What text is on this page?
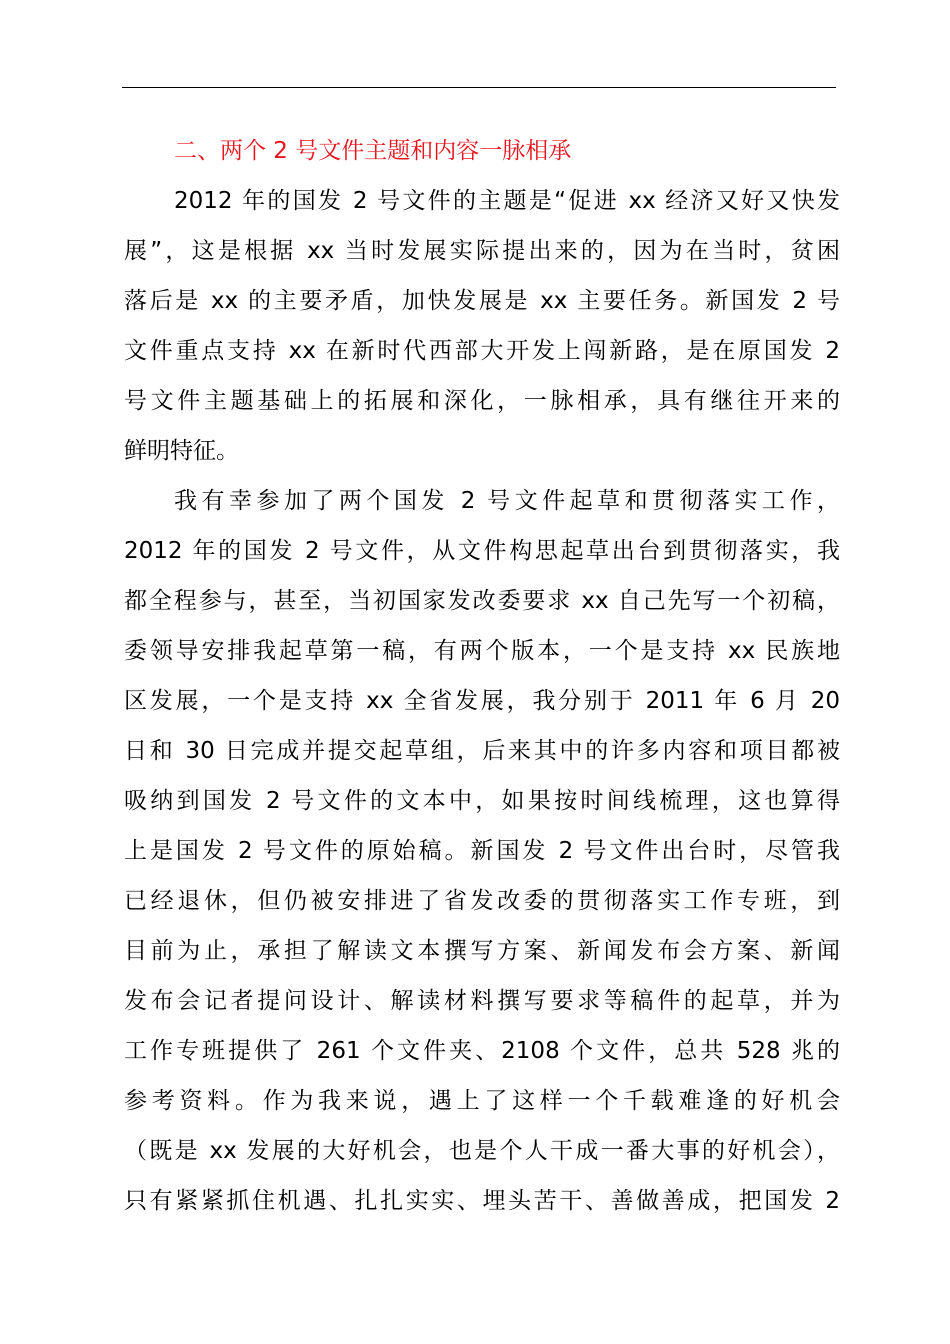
二、两个 2 号文件主题和内容一脉相承
2012 年的国发 2 号文件的主题是“促进 xx 经济又好又快发
展”，这是根据 xx 当时发展实际提出来的，因为在当时，贫困
落后是 xx 的主要矛盾，加快发展是 xx 主要任务。新国发 2 号
文件重点支持 xx 在新时代西部大开发上闯新路，是在原国发 2
号文件主题基础上的拓展和深化，一脉相承，具有继往开来的
鲜明特征。
我有幸参加了两个国发 2 号文件起草和贯彻落实工作，
2012 年的国发 2 号文件，从文件构思起草出台到贯彻落实，我
都全程参与，甚至，当初国家发改委要求 xx 自己先写一个初稿，
委领导安排我起草第一稿，有两个版本，一个是支持 xx 民族地
区发展，一个是支持 xx 全省发展，我分别于 2011 年 6 月 20
日和 30 日完成并提交起草组，后来其中的许多内容和项目都被
吸纳到国发 2 号文件的文本中，如果按时间线梳理，这也算得
上是国发 2 号文件的原始稿。新国发 2 号文件出台时，尽管我
已经退休，但仍被安排进了省发改委的贯彻落实工作专班，到
目前为止，承担了解读文本撰写方案、新闻发布会方案、新闻
发布会记者提问设计、解读材料撰写要求等稿件的起草，并为
工作专班提供了 261 个文件夹、2108 个文件，总共 528 兆的
参考资料。作为我来说，遇上了这样一个千载难逢的好机会
（既是 xx 发展的大好机会，也是个人干成一番大事的好机会），
只有紧紧抓住机遇、扎扎实实、埋头苦干、善做善成，把国发 2
